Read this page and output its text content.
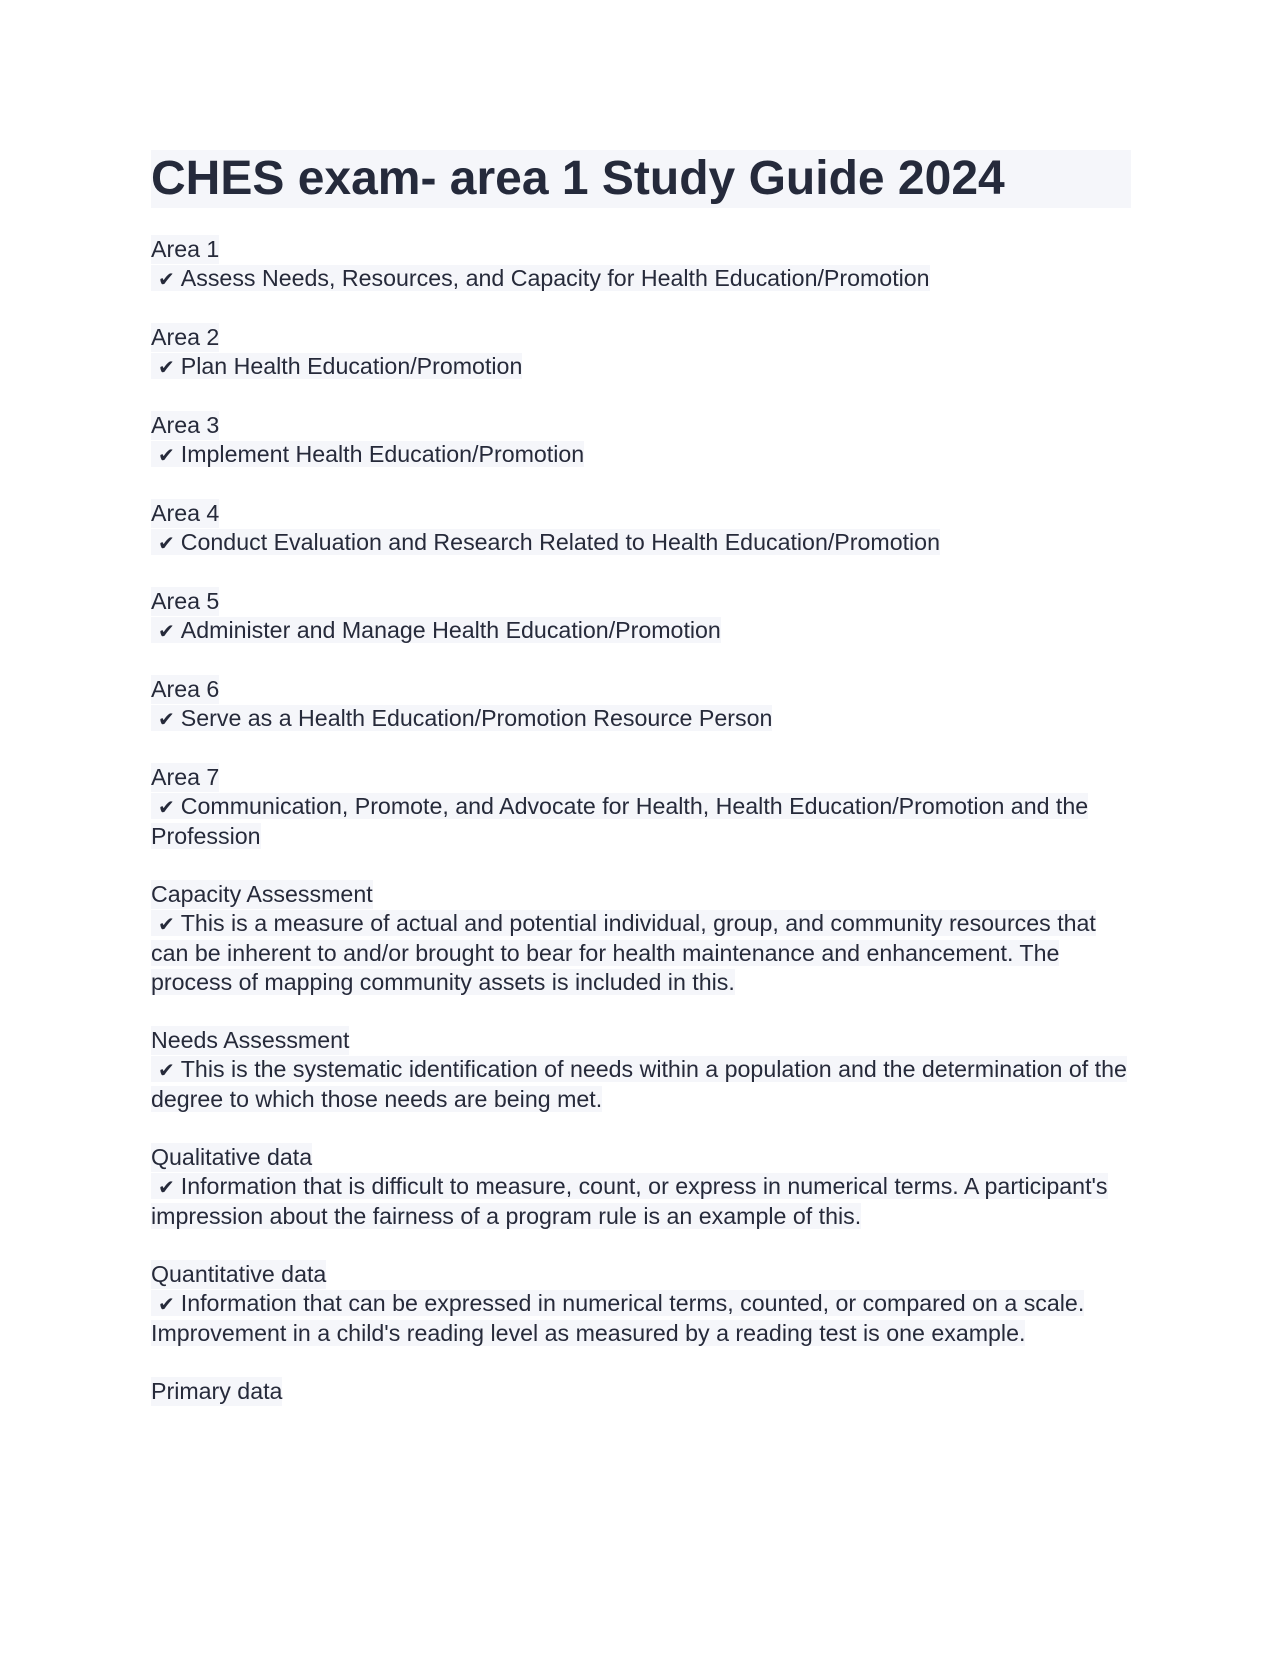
CHES exam- area 1 Study Guide 2024
Area 1

✔ Assess Needs, Resources, and Capacity for Health Education/Promotion

Area 2

✔ Plan Health Education/Promotion

Area 3

✔ Implement Health Education/Promotion

Area 4

✔ Conduct Evaluation and Research Related to Health Education/Promotion

Area 5

✔ Administer and Manage Health Education/Promotion

Area 6

✔ Serve as a Health Education/Promotion Resource Person

Area 7

✔ Communication, Promote, and Advocate for Health, Health Education/Promotion and the Profession

Capacity Assessment

✔ This is a measure of actual and potential individual, group, and community resources that can be inherent to and/or brought to bear for health maintenance and enhancement. The process of mapping community assets is included in this.

Needs Assessment

✔ This is the systematic identification of needs within a population and the determination of the degree to which those needs are being met.

Qualitative data

✔ Information that is difficult to measure, count, or express in numerical terms. A participant's impression about the fairness of a program rule is an example of this.

Quantitative data

✔ Information that can be expressed in numerical terms, counted, or compared on a scale. Improvement in a child's reading level as measured by a reading test is one example.

Primary data
